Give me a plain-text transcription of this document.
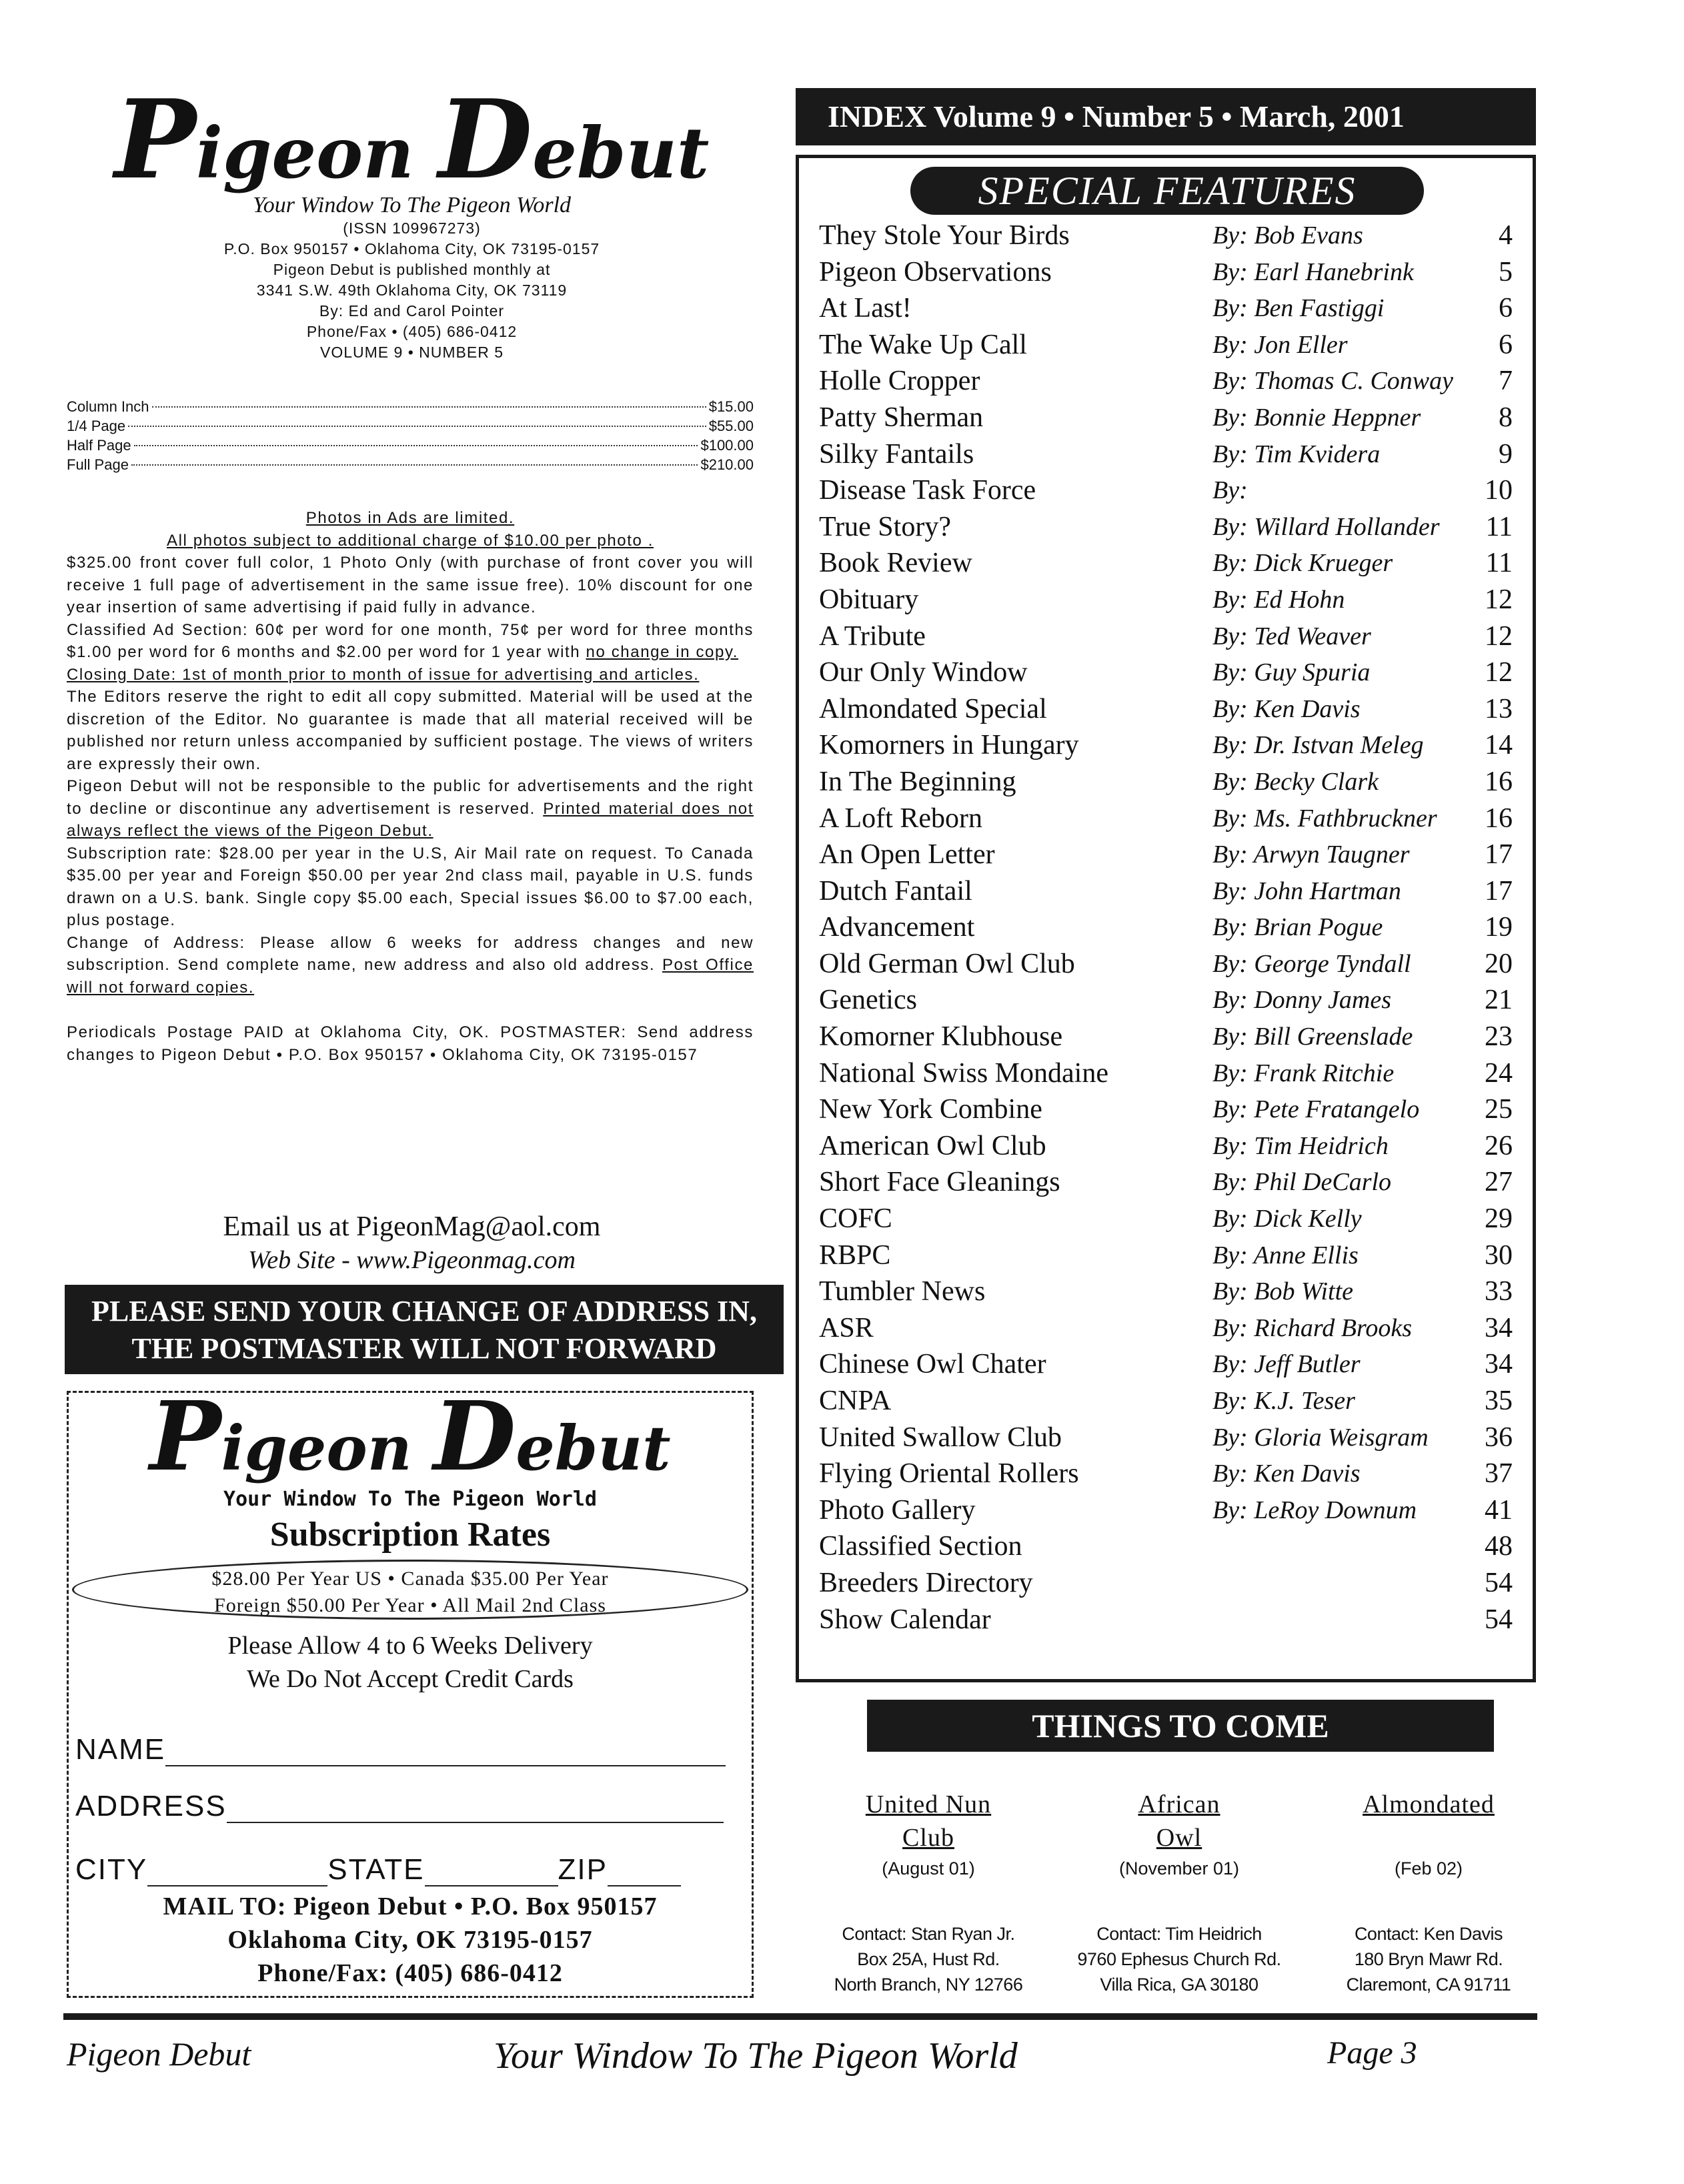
Pigeon Debut
Your Window To The Pigeon World
(ISSN 109967273)
P.O. Box 950157 • Oklahoma City, OK 73195-0157
Pigeon Debut is published monthly at
3341 S.W. 49th Oklahoma City, OK 73119
By: Ed and Carol Pointer
Phone/Fax • (405) 686-0412
VOLUME 9 • NUMBER 5
Column Inch	$15.00
1/4 Page	$55.00
Half Page	$100.00
Full Page	$210.00

Photos in Ads are limited.

All photos subject to additional charge of $10.00 per photo .

$325.00 front cover full color, 1 Photo Only (with purchase of front cover you will receive 1 full page of advertisement in the same issue free). 10% discount for one year insertion of same advertising if paid fully in advance.

Classified Ad Section: 60¢ per word for one month, 75¢ per word for three months $1.00 per word for 6 months and $2.00 per word for 1 year with no change in copy.

Closing Date: 1st of month prior to month of issue for advertising and articles.

The Editors reserve the right to edit all copy submitted. Material will be used at the discretion of the Editor. No guarantee is made that all material received will be published nor return unless accompanied by sufficient postage. The views of writers are expressly their own.

Pigeon Debut will not be responsible to the public for advertisements and the right to decline or discontinue any advertisement is reserved. Printed material does not always reflect the views of the Pigeon Debut.

Subscription rate: $28.00 per year in the U.S, Air Mail rate on request. To Canada $35.00 per year and Foreign $50.00 per year 2nd class mail, payable in U.S. funds drawn on a U.S. bank. Single copy $5.00 each, Special issues $6.00 to $7.00 each, plus postage.

Change of Address: Please allow 6 weeks for address changes and new subscription. Send complete name, new address and also old address. Post Office will not forward copies.

Periodicals Postage PAID at Oklahoma City, OK. POSTMASTER: Send address changes to Pigeon Debut • P.O. Box 950157 • Oklahoma City, OK 73195-0157

Email us at PigeonMag@aol.com
Web Site - www.Pigeonmag.com
PLEASE SEND YOUR CHANGE OF ADDRESS IN,
THE POSTMASTER WILL NOT FORWARD
Pigeon Debut
Your Window To The Pigeon World
Subscription Rates
$28.00 Per Year US • Canada $35.00 Per Year
Foreign $50.00 Per Year • All Mail 2nd Class
Please Allow 4 to 6 Weeks Delivery
We Do Not Accept Credit Cards
NAME
ADDRESS
CITY	STATE	ZIP
MAIL TO: Pigeon Debut • P.O. Box 950157
Oklahoma City, OK 73195-0157
Phone/Fax: (405) 686-0412
INDEX Volume 9 • Number 5 • March, 2001
SPECIAL FEATURES
They Stole Your Birds	By: Bob Evans	4
Pigeon Observations	By: Earl Hanebrink	5
At Last!	By: Ben Fastiggi	6
The Wake Up Call	By: Jon Eller	6
Holle Cropper	By: Thomas C. Conway 7
Patty Sherman	By: Bonnie Heppner	8
Silky Fantails	By: Tim Kvidera	9
Disease Task Force	By:	10
True Story?	By: Willard Hollander 11
Book Review	By: Dick Krueger	11
Obituary	By: Ed Hohn	12
A Tribute	By: Ted Weaver	12
Our Only Window	By: Guy Spuria	12
Almondated Special	By: Ken Davis	13
Komorners in Hungary	By: Dr. Istvan Meleg 14
In The Beginning	By: Becky Clark	16
A Loft Reborn	By: Ms. Fathbruckner 16
An Open Letter	By: Arwyn Taugner	17
Dutch Fantail	By: John Hartman	17
Advancement	By: Brian Pogue	19
Old German Owl Club	By: George Tyndall	20
Genetics	By: Donny James	21
Komorner Klubhouse	By: Bill Greenslade	23
National Swiss Mondaine	By: Frank Ritchie	24
New York Combine	By: Pete Fratangelo 25
American Owl Club	By: Tim Heidrich	26
Short Face Gleanings	By: Phil DeCarlo	27
COFC	By: Dick Kelly	29
RBPC	By: Anne Ellis	30
Tumbler News	By: Bob Witte	33
ASR	By: Richard Brooks	34
Chinese Owl Chater	By: Jeff Butler	34
CNPA	By: K.J. Teser	35
United Swallow Club	By: Gloria Weisgram 36
Flying Oriental Rollers	By: Ken Davis	37
Photo Gallery	By: LeRoy Downum 41
Classified Section	48
Breeders Directory	54
Show Calendar	54
THINGS TO COME
United Nun
Club
(August 01)
Contact: Stan Ryan Jr.
Box 25A, Hust Rd.
North Branch, NY 12766
African
Owl
(November 01)
Contact: Tim Heidrich
9760 Ephesus Church Rd.
Villa Rica, GA 30180
Almondated
(Feb 02)
Contact: Ken Davis
180 Bryn Mawr Rd.
Claremont, CA 91711
Pigeon Debut	Your Window To The Pigeon World	Page 3
